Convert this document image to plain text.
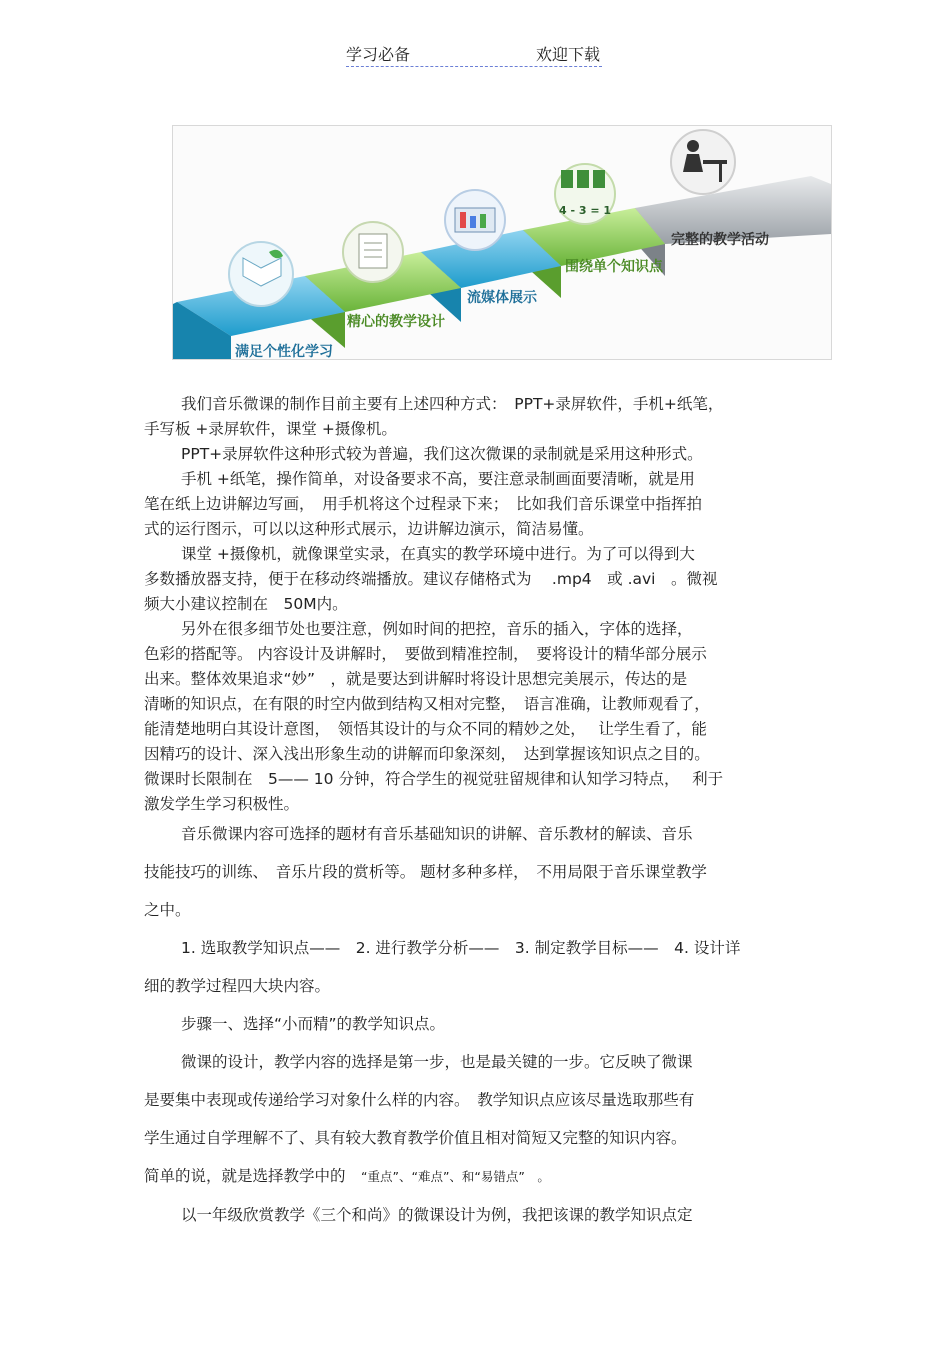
学习必备	欢迎下载
4 - 3 = 1
满足个性化学习
精心的教学设计
流媒体展示
围绕单个知识点
完整的教学活动

我们音乐微课的制作目前主要有上述四种方式：　PPT+录屏软件，手机+纸笔，

手写板 +录屏软件，课堂 +摄像机。

PPT+录屏软件这种形式较为普遍，我们这次微课的录制就是采用这种形式。

手机 +纸笔，操作简单，对设备要求不高，要注意录制画面要清晰，就是用

笔在纸上边讲解边写画，　用手机将这个过程录下来；　比如我们音乐课堂中指挥拍

式的运行图示，可以以这种形式展示，边讲解边演示，简洁易懂。

课堂 +摄像机，就像课堂实录，在真实的教学环境中进行。为了可以得到大

多数播放器支持，便于在移动终端播放。建议存储格式为　 .mp4　或 .avi　。微视

频大小建议控制在　50M内。

另外在很多细节处也要注意，例如时间的把控，音乐的插入，字体的选择，

色彩的搭配等。 内容设计及讲解时，　要做到精准控制，　要将设计的精华部分展示

出来。整体效果追求“妙”　，就是要达到讲解时将设计思想完美展示，传达的是

清晰的知识点，在有限的时空内做到结构又相对完整，　语言准确，让教师观看了，

能清楚地明白其设计意图，　领悟其设计的与众不同的精妙之处，　 让学生看了，能

因精巧的设计、深入浅出形象生动的讲解而印象深刻，　达到掌握该知识点之目的。

微课时长限制在　5—— 10 分钟，符合学生的视觉驻留规律和认知学习特点，　 利于

激发学生学习积极性。

音乐微课内容可选择的题材有音乐基础知识的讲解、音乐教材的解读、音乐

技能技巧的训练、　音乐片段的赏析等。 题材多种多样，　不用局限于音乐课堂教学

之中。

1. 选取教学知识点——　2. 进行教学分析——　3. 制定教学目标——　4. 设计详

细的教学过程四大块内容。

步骤一、选择“小而精”的教学知识点。

微课的设计，教学内容的选择是第一步，也是最关键的一步。它反映了微课

是要集中表现或传递给学习对象什么样的内容。　教学知识点应该尽量选取那些有

学生通过自学理解不了、具有较大教育教学价值且相对简短又完整的知识内容。

简单的说，就是选择教学中的　“重点”、“难点”、和“易错点”　。

以一年级欣赏教学《三个和尚》的微课设计为例，我把该课的教学知识点定
